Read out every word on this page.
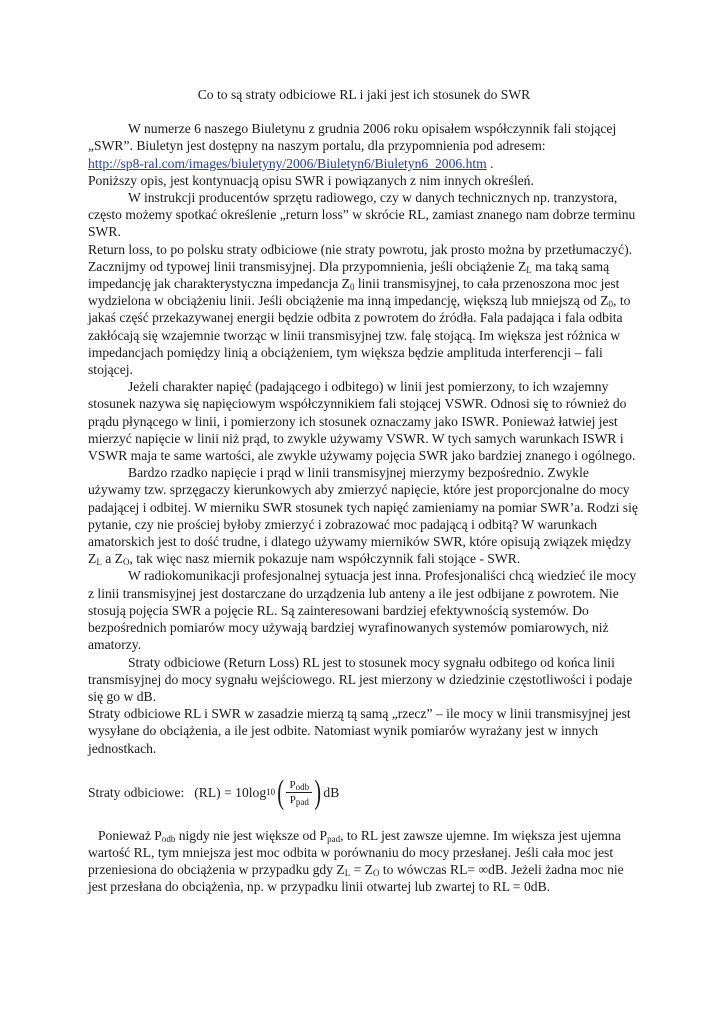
Co to są straty odbiciowe RL i jaki jest ich stosunek do SWR

W numerze 6 naszego Biuletynu z grudnia 2006 roku opisałem współczynnik fali stojącej „SWR”. Biuletyn jest dostępny na naszym portalu, dla przypomnienia pod adresem:
http://sp8-ral.com/images/biuletyny/2006/Biuletyn6/Biuletyn6_2006.htm .

Poniższy opis, jest kontynuacją opisu SWR i powiązanych z nim innych określeń.

W instrukcji producentów sprzętu radiowego, czy w danych technicznych np. tranzystora, często możemy spotkać określenie „return loss” w skrócie RL, zamiast znanego nam dobrze terminu SWR.

Return loss, to po polsku straty odbiciowe (nie straty powrotu, jak prosto można by przetłumaczyć).

Zacznijmy od typowej linii transmisyjnej. Dla przypomnienia, jeśli obciążenie $Z_L$ ma taką samą impedancję jak charakterystyczna impedancja $Z_0$ linii transmisyjnej, to cała przenoszona moc jest wydzielona w obciążeniu linii. Jeśli obciążenie ma inną impedancję, większą lub mniejszą od $Z_0$, to jakaś część przekazywanej energii będzie odbita z powrotem do źródła. Fala padająca i fala odbita zakłócają się wzajemnie tworząc w linii transmisyjnej tzw. falę stojącą. Im większa jest różnica w impedancjach pomiędzy linią a obciążeniem, tym większa będzie amplituda interferencji – fali stojącej.

Jeżeli charakter napięć (padającego i odbitego) w linii jest pomierzony, to ich wzajemny stosunek nazywa się napięciowym współczynnikiem fali stojącej VSWR. Odnosi się to również do prądu płynącego w linii, i pomierzony ich stosunek oznaczamy jako ISWR. Ponieważ łatwiej jest mierzyć napięcie w linii niż prąd, to zwykle używamy VSWR. W tych samych warunkach ISWR i VSWR maja te same wartości, ale zwykle używamy pojęcia SWR jako bardziej znanego i ogólnego.

Bardzo rzadko napięcie i prąd w linii transmisyjnej mierzymy bezpośrednio. Zwykle używamy tzw. sprzęgaczy kierunkowych aby zmierzyć napięcie, które jest proporcjonalne do mocy padającej i odbitej. W mierniku SWR stosunek tych napięć zamieniamy na pomiar SWR’a. Rodzi się pytanie, czy nie prościej byłoby zmierzyć i zobrazować moc padającą i odbitą? W warunkach amatorskich jest to dość trudne, i dlatego używamy mierników SWR, które opisują związek między $Z_L$ a $Z_O$, tak więc nasz miernik pokazuje nam współczynnik fali stojące - SWR.

W radiokomunikacji profesjonalnej sytuacja jest inna. Profesjonaliści chcą wiedzieć ile mocy z linii transmisyjnej jest dostarczane do urządzenia lub anteny a ile jest odbijane z powrotem. Nie stosują pojęcia SWR a pojęcie RL. Są zainteresowani bardziej efektywnością systemów. Do bezpośrednich pomiarów mocy używają bardziej wyrafinowanych systemów pomiarowych, niż amatorzy.

Straty odbiciowe (Return Loss) RL jest to stosunek mocy sygnału odbitego od końca linii transmisyjnej do mocy sygnału wejściowego. RL jest mierzony w dziedzinie częstotliwości i podaje się go w dB.

Straty odbiciowe RL i SWR w zasadzie mierzą tą samą „rzecz” – ile mocy w linii transmisyjnej jest wysyłane do obciążenia, a ile jest odbite. Natomiast wynik pomiarów wyrażany jest w innych jednostkach.

Straty odbiciowe: (RL) = 10 log 10 ( $\frac{P_{odb}}{P_{pad}}$ ) dB

Ponieważ $P_{odb}$ nigdy nie jest większe od $P_{pad}$, to RL jest zawsze ujemne. Im większa jest ujemna wartość RL, tym mniejsza jest moc odbita w porównaniu do mocy przesłanej. Jeśli cała moc jest przeniesiona do obciążenia w przypadku gdy $Z_L = Z_O$ to wówczas RL= ∞dB. Jeżeli żadna moc nie jest przesłana do obciążenia, np. w przypadku linii otwartej lub zwartej to RL = 0dB.
